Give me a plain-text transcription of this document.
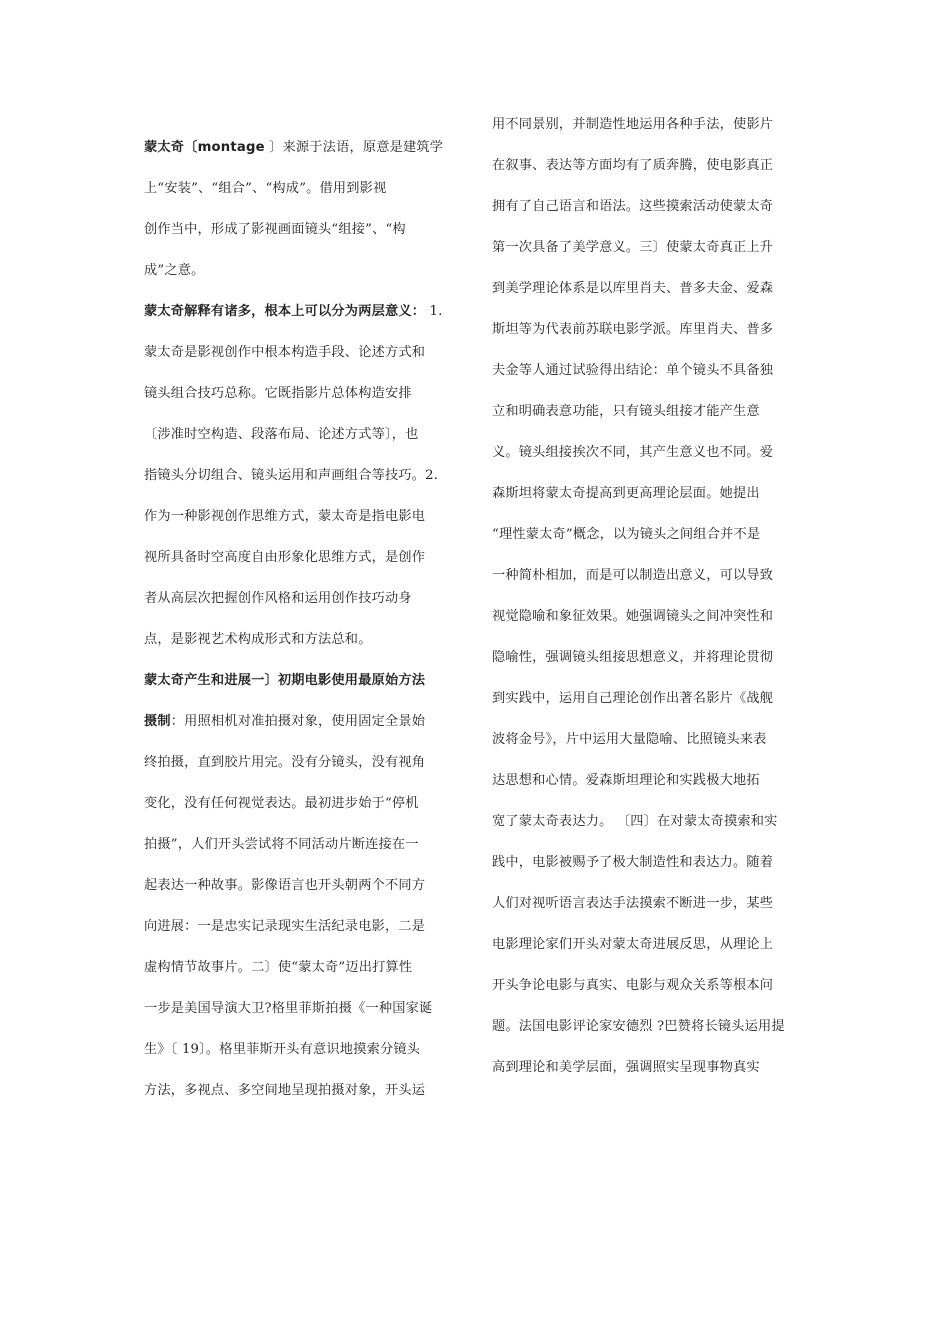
蒙太奇〔montage 〕来源于法语，原意是建筑学
上“安装”、“组合”、“构成”。借用到影视
创作当中，形成了影视画面镜头“组接”、“构
成”之意。
蒙太奇解释有诸多，根本上可以分为两层意义： 1.
蒙太奇是影视创作中根本构造手段、论述方式和
镜头组合技巧总称。它既指影片总体构造安排
〔涉准时空构造、段落布局、论述方式等〕，也
指镜头分切组合、镜头运用和声画组合等技巧。2.
作为一种影视创作思维方式，蒙太奇是指电影电
视所具备时空高度自由形象化思维方式，是创作
者从高层次把握创作风格和运用创作技巧动身
点，是影视艺术构成形式和方法总和。
蒙太奇产生和进展一〕初期电影使用最原始方法
摄制：用照相机对准拍摄对象，使用固定全景始
终拍摄，直到胶片用完。没有分镜头，没有视角
变化，没有任何视觉表达。最初进步始于“停机
拍摄”，人们开头尝试将不同活动片断连接在一
起表达一种故事。影像语言也开头朝两个不同方
向进展：一是忠实记录现实生活纪录电影，二是
虚构情节故事片。二〕使“蒙太奇”迈出打算性
一步是美国导演大卫?格里菲斯拍摄《一种国家诞
生》〔 19〕。格里菲斯开头有意识地摸索分镜头
方法，多视点、多空间地呈现拍摄对象，开头运
用不同景别，并制造性地运用各种手法，使影片
在叙事、表达等方面均有了质奔腾，使电影真正
拥有了自己语言和语法。这些摸索活动使蒙太奇
第一次具备了美学意义。三〕使蒙太奇真正上升
到美学理论体系是以库里肖夫、普多夫金、爱森
斯坦等为代表前苏联电影学派。库里肖夫、普多
夫金等人通过试验得出结论：单个镜头不具备独
立和明确表意功能，只有镜头组接才能产生意
义。镜头组接挨次不同，其产生意义也不同。爱
森斯坦将蒙太奇提高到更高理论层面。她提出
“理性蒙太奇”概念，以为镜头之间组合并不是
一种简朴相加，而是可以制造出意义，可以导致
视觉隐喻和象征效果。她强调镜头之间冲突性和
隐喻性，强调镜头组接思想意义，并将理论贯彻
到实践中，运用自己理论创作出著名影片《战舰
波将金号》，片中运用大量隐喻、比照镜头来表
达思想和心情。爱森斯坦理论和实践极大地拓
宽了蒙太奇表达力。 〔四〕在对蒙太奇摸索和实
践中，电影被赐予了极大制造性和表达力。随着
人们对视听语言表达手法摸索不断进一步，某些
电影理论家们开头对蒙太奇进展反思，从理论上
开头争论电影与真实、电影与观众关系等根本问
题。法国电影评论家安德烈 ?巴赞将长镜头运用提
高到理论和美学层面，强调照实呈现事物真实
